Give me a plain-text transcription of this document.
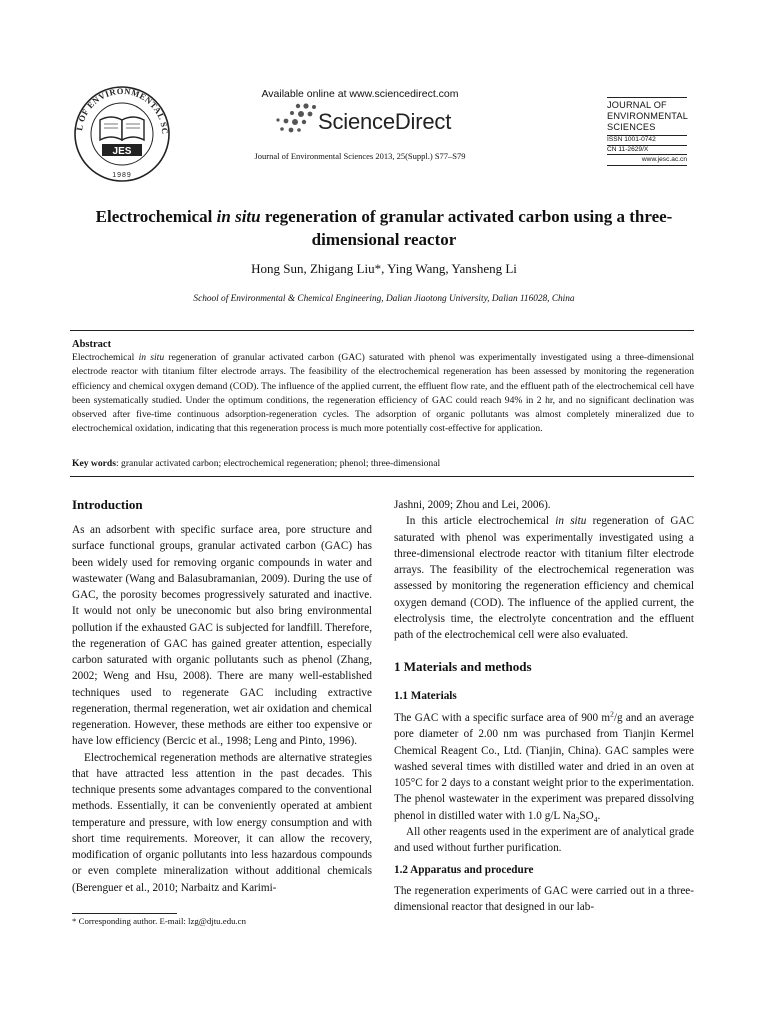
L OF ENVIRONMENTAL SC
JES
1989
Available online at www.sciencedirect.com
ScienceDirect
Journal of Environmental Sciences 2013, 25(Suppl.) S77–S79
JOURNAL OF
ENVIRONMENTAL
SCIENCES
ISSN 1001-0742
CN 11-2629/X
www.jesc.ac.cn
Electrochemical in situ regeneration of granular activated carbon using a three-dimensional reactor
Hong Sun, Zhigang Liu*, Ying Wang, Yansheng Li
School of Environmental & Chemical Engineering, Dalian Jiaotong University, Dalian 116028, China
Abstract
Electrochemical in situ regeneration of granular activated carbon (GAC) saturated with phenol was experimentally investigated using a three-dimensional electrode reactor with titanium filter electrode arrays. The feasibility of the electrochemical regeneration has been assessed by monitoring the regeneration efficiency and chemical oxygen demand (COD). The influence of the applied current, the effluent flow rate, and the effluent path of the electrochemical cell have been systematically studied. Under the optimum conditions, the regeneration efficiency of GAC could reach 94% in 2 hr, and no significant declination was observed after five-time continuous adsorption-regeneration cycles. The adsorption of organic pollutants was almost completely mineralized due to electrochemical oxidation, indicating that this regeneration process is much more potentially cost-effective for application.
Key words: granular activated carbon; electrochemical regeneration; phenol; three-dimensional
Introduction

As an adsorbent with specific surface area, pore structure and surface functional groups, granular activated carbon (GAC) has been widely used for removing organic compounds in water and wastewater (Wang and Balasubramanian, 2009). During the use of GAC, the porosity becomes progressively saturated and inactive. It would not only be uneconomic but also bring environmental pollution if the exhausted GAC is subjected for landfill. Therefore, the regeneration of GAC has gained greater attention, especially carbon saturated with organic pollutants such as phenol (Zhang, 2002; Weng and Hsu, 2008). There are many well-established techniques used to regenerate GAC including extractive regeneration, thermal regeneration, wet air oxidation and chemical regeneration. However, these methods are either too expensive or have low efficiency (Bercic et al., 1998; Leng and Pinto, 1996).

Electrochemical regeneration methods are alternative strategies that have attracted less attention in the past decades. This technique presents some advantages compared to the conventional methods. Essentially, it can be conveniently operated at ambient temperature and pressure, with low energy consumption and with short time requirements. Moreover, it can allow the recovery, modification of organic pollutants into less hazardous compounds or even complete mineralization without additional chemicals (Berenguer et al., 2010; Narbaitz and Karimi-

* Corresponding author. E-mail: lzg@djtu.edu.cn

Jashni, 2009; Zhou and Lei, 2006).

In this article electrochemical in situ regeneration of GAC saturated with phenol was experimentally investigated using a three-dimensional electrode reactor with titanium filter electrode arrays. The feasibility of the electrochemical regeneration was assessed by monitoring the regeneration efficiency and chemical oxygen demand (COD). The influence of the applied current, the electrolysis time, the electrolyte concentration and the effluent path of the electrochemical cell were also evaluated.

1 Materials and methods
1.1 Materials

The GAC with a specific surface area of 900 $m^2/g$ and an average pore diameter of 2.00 nm was purchased from Tianjin Kermel Chemical Reagent Co., Ltd. (Tianjin, China). GAC samples were washed several times with distilled water and dried in an oven at 105°C for 2 days to a constant weight prior to the experimentation. The phenol wastewater in the experiment was prepared dissolving phenol in distilled water with 1.0 g/L $Na_2SO_4$.

All other reagents used in the experiment are of analytical grade and used without further purification.

1.2 Apparatus and procedure

The regeneration experiments of GAC were carried out in a three-dimensional reactor that designed in our lab-
